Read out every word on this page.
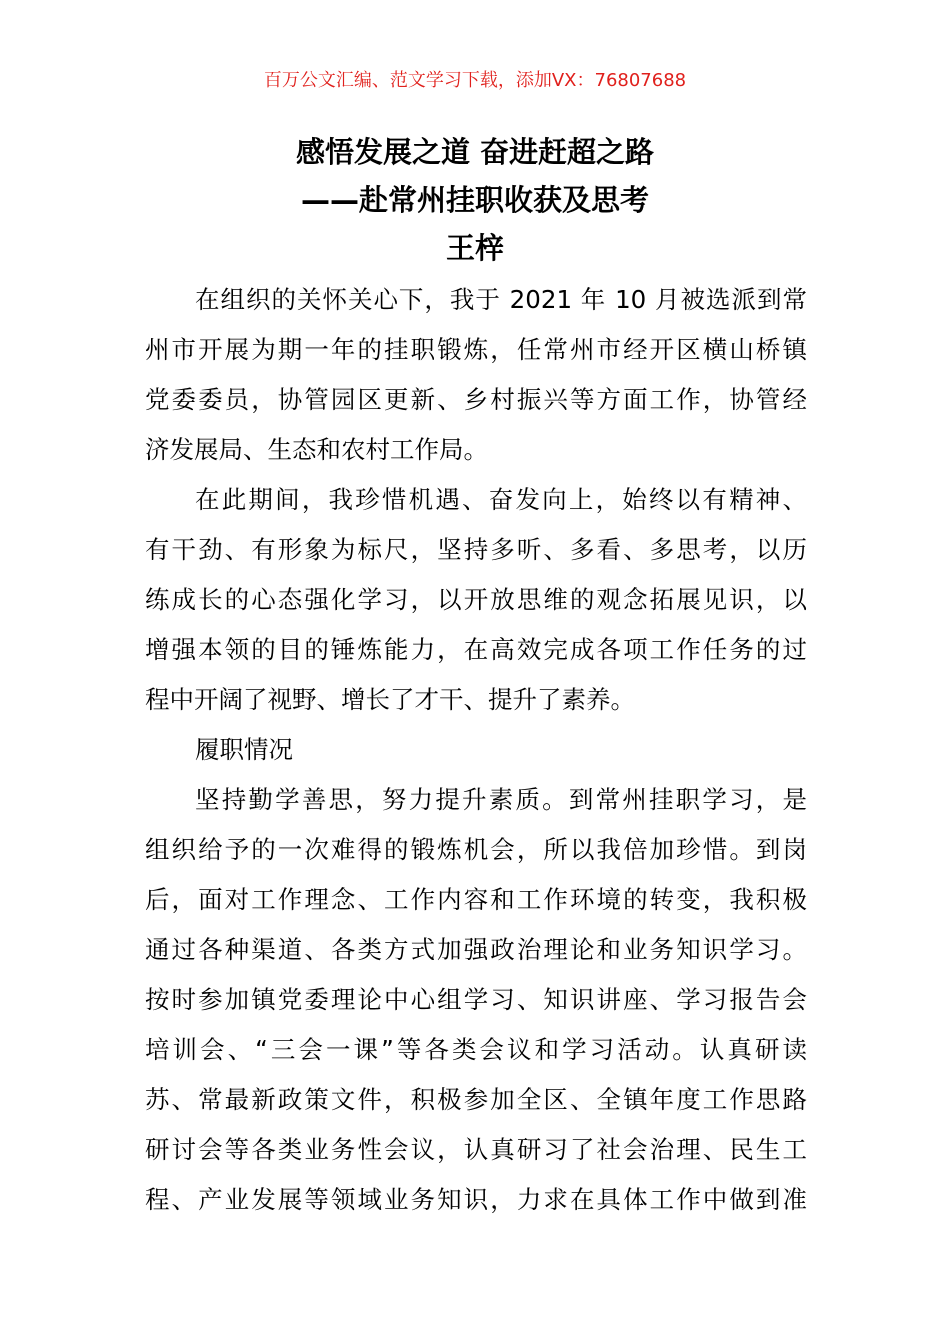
百万公文汇编、范文学习下载，添加VX：76807688
感悟发展之道 奋进赶超之路
——赴常州挂职收获及思考
王梓
在组织的关怀关心下，我于 2021 年 10 月被选派到常
州市开展为期一年的挂职锻炼，任常州市经开区横山桥镇
党委委员，协管园区更新、乡村振兴等方面工作，协管经
济发展局、生态和农村工作局。
在此期间，我珍惜机遇、奋发向上，始终以有精神、
有干劲、有形象为标尺，坚持多听、多看、多思考，以历
练成长的心态强化学习，以开放思维的观念拓展见识，以
增强本领的目的锤炼能力，在高效完成各项工作任务的过
程中开阔了视野、增长了才干、提升了素养。
履职情况
坚持勤学善思，努力提升素质。到常州挂职学习，是
组织给予的一次难得的锻炼机会，所以我倍加珍惜。到岗
后，面对工作理念、工作内容和工作环境的转变，我积极
通过各种渠道、各类方式加强政治理论和业务知识学习。
按时参加镇党委理论中心组学习、知识讲座、学习报告会
培训会、“三会一课”等各类会议和学习活动。认真研读
苏、常最新政策文件，积极参加全区、全镇年度工作思路
研讨会等各类业务性会议，认真研习了社会治理、民生工
程、产业发展等领域业务知识，力求在具体工作中做到准
